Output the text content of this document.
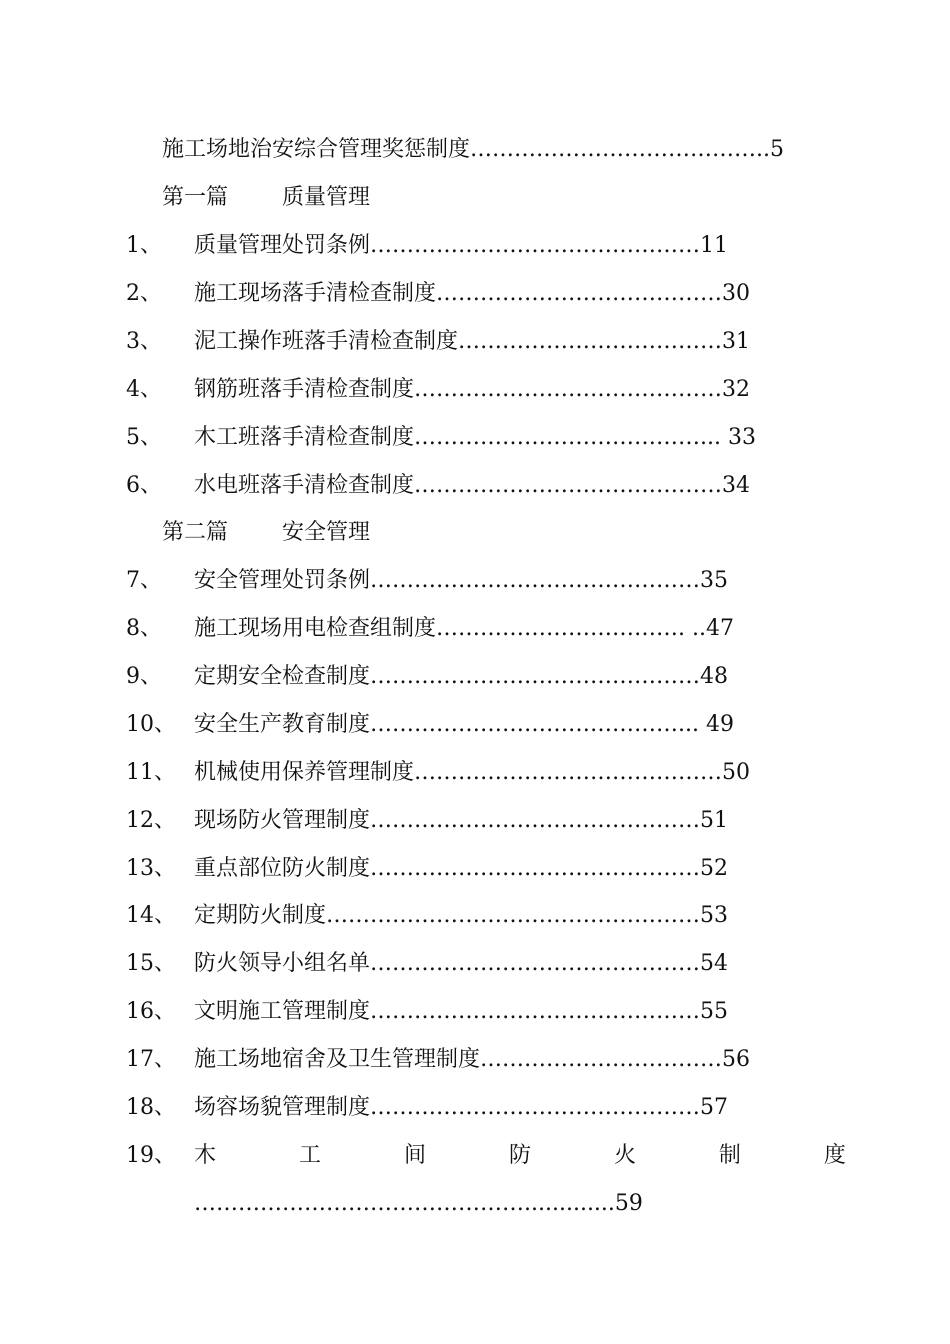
施工场地治安综合管理奖惩制度…………………………………..5
第一篇 质量管理
1、 质量管理处罚条例………………………………………11
2、 施工现场落手清检查制度…………………………………30
3、 泥工操作班落手清检查制度………………………………31
4、 钢筋班落手清检查制度……………………………………32
5、 木工班落手清检查制度…………………………………... 33
6、 水电班落手清检查制度……………………………………34
第二篇 安全管理
7、 安全管理处罚条例………………………………………35
8、 施工现场用电检查组制度……………………………. ..47
9、 定期安全检查制度………………………………………48
10、 安全生产教育制度……………………………………... 49
11、 机械使用保养管理制度……………………………………50
12、 现场防火管理制度………………………………………51
13、 重点部位防火制度………………………………………52
14、 定期防火制度……………………………………………53
15、 防火领导小组名单………………………………………54
16、 文明施工管理制度………………………………………55
17、 施工场地宿舍及卫生管理制度……………………………56
18、 场容场貌管理制度………………………………………57
19、 木	工	间	防	火	制	度
……………………………………….............59
